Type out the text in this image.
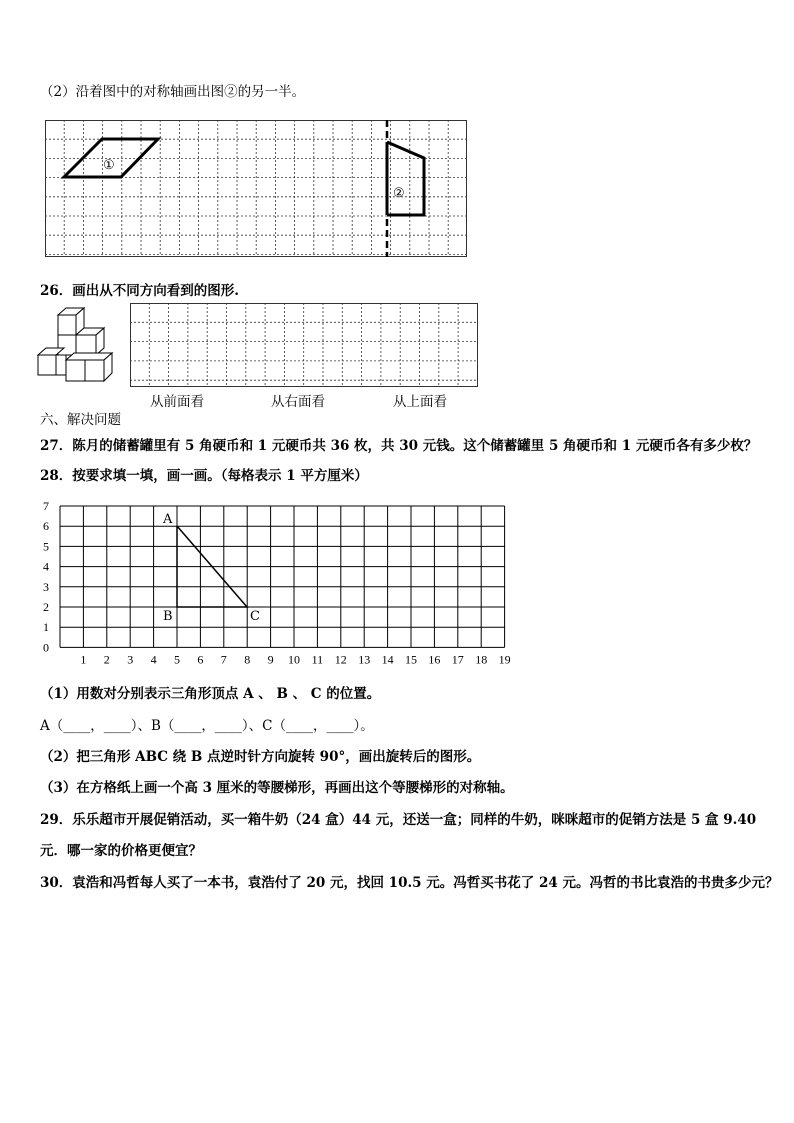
（2）沿着图中的对称轴画出图②的另一半。
①
②
26．画出从不同方向看到的图形.
从前面看	从右面看	从上面看
六、解决问题
27．陈月的储蓄罐里有 5 角硬币和 1 元硬币共 36 枚，共 30 元钱。这个储蓄罐里 5 角硬币和 1 元硬币各有多少枚？
28．按要求填一填，画一画。（每格表示 1 平方厘米）
7
6
5
4
3
2
1
0
1 2 3 4 5 6 7 8 9 10 11 12 13 14 15 16 17 18 19
A
B	C
（1）用数对分别表示三角形顶点 A 、 B 、 C 的位置。
A（____，____）、B（____，____）、C（____，____）。
（2）把三角形 ABC 绕 B 点逆时针方向旋转 90°，画出旋转后的图形。
（3）在方格纸上画一个高 3 厘米的等腰梯形，再画出这个等腰梯形的对称轴。
29．乐乐超市开展促销活动，买一箱牛奶（24 盒）44 元，还送一盒；同样的牛奶，咪咪超市的促销方法是 5 盒 9.40
元．哪一家的价格更便宜？
30．袁浩和冯哲每人买了一本书，袁浩付了 20 元，找回 10.5 元。冯哲买书花了 24 元。冯哲的书比袁浩的书贵多少元？
